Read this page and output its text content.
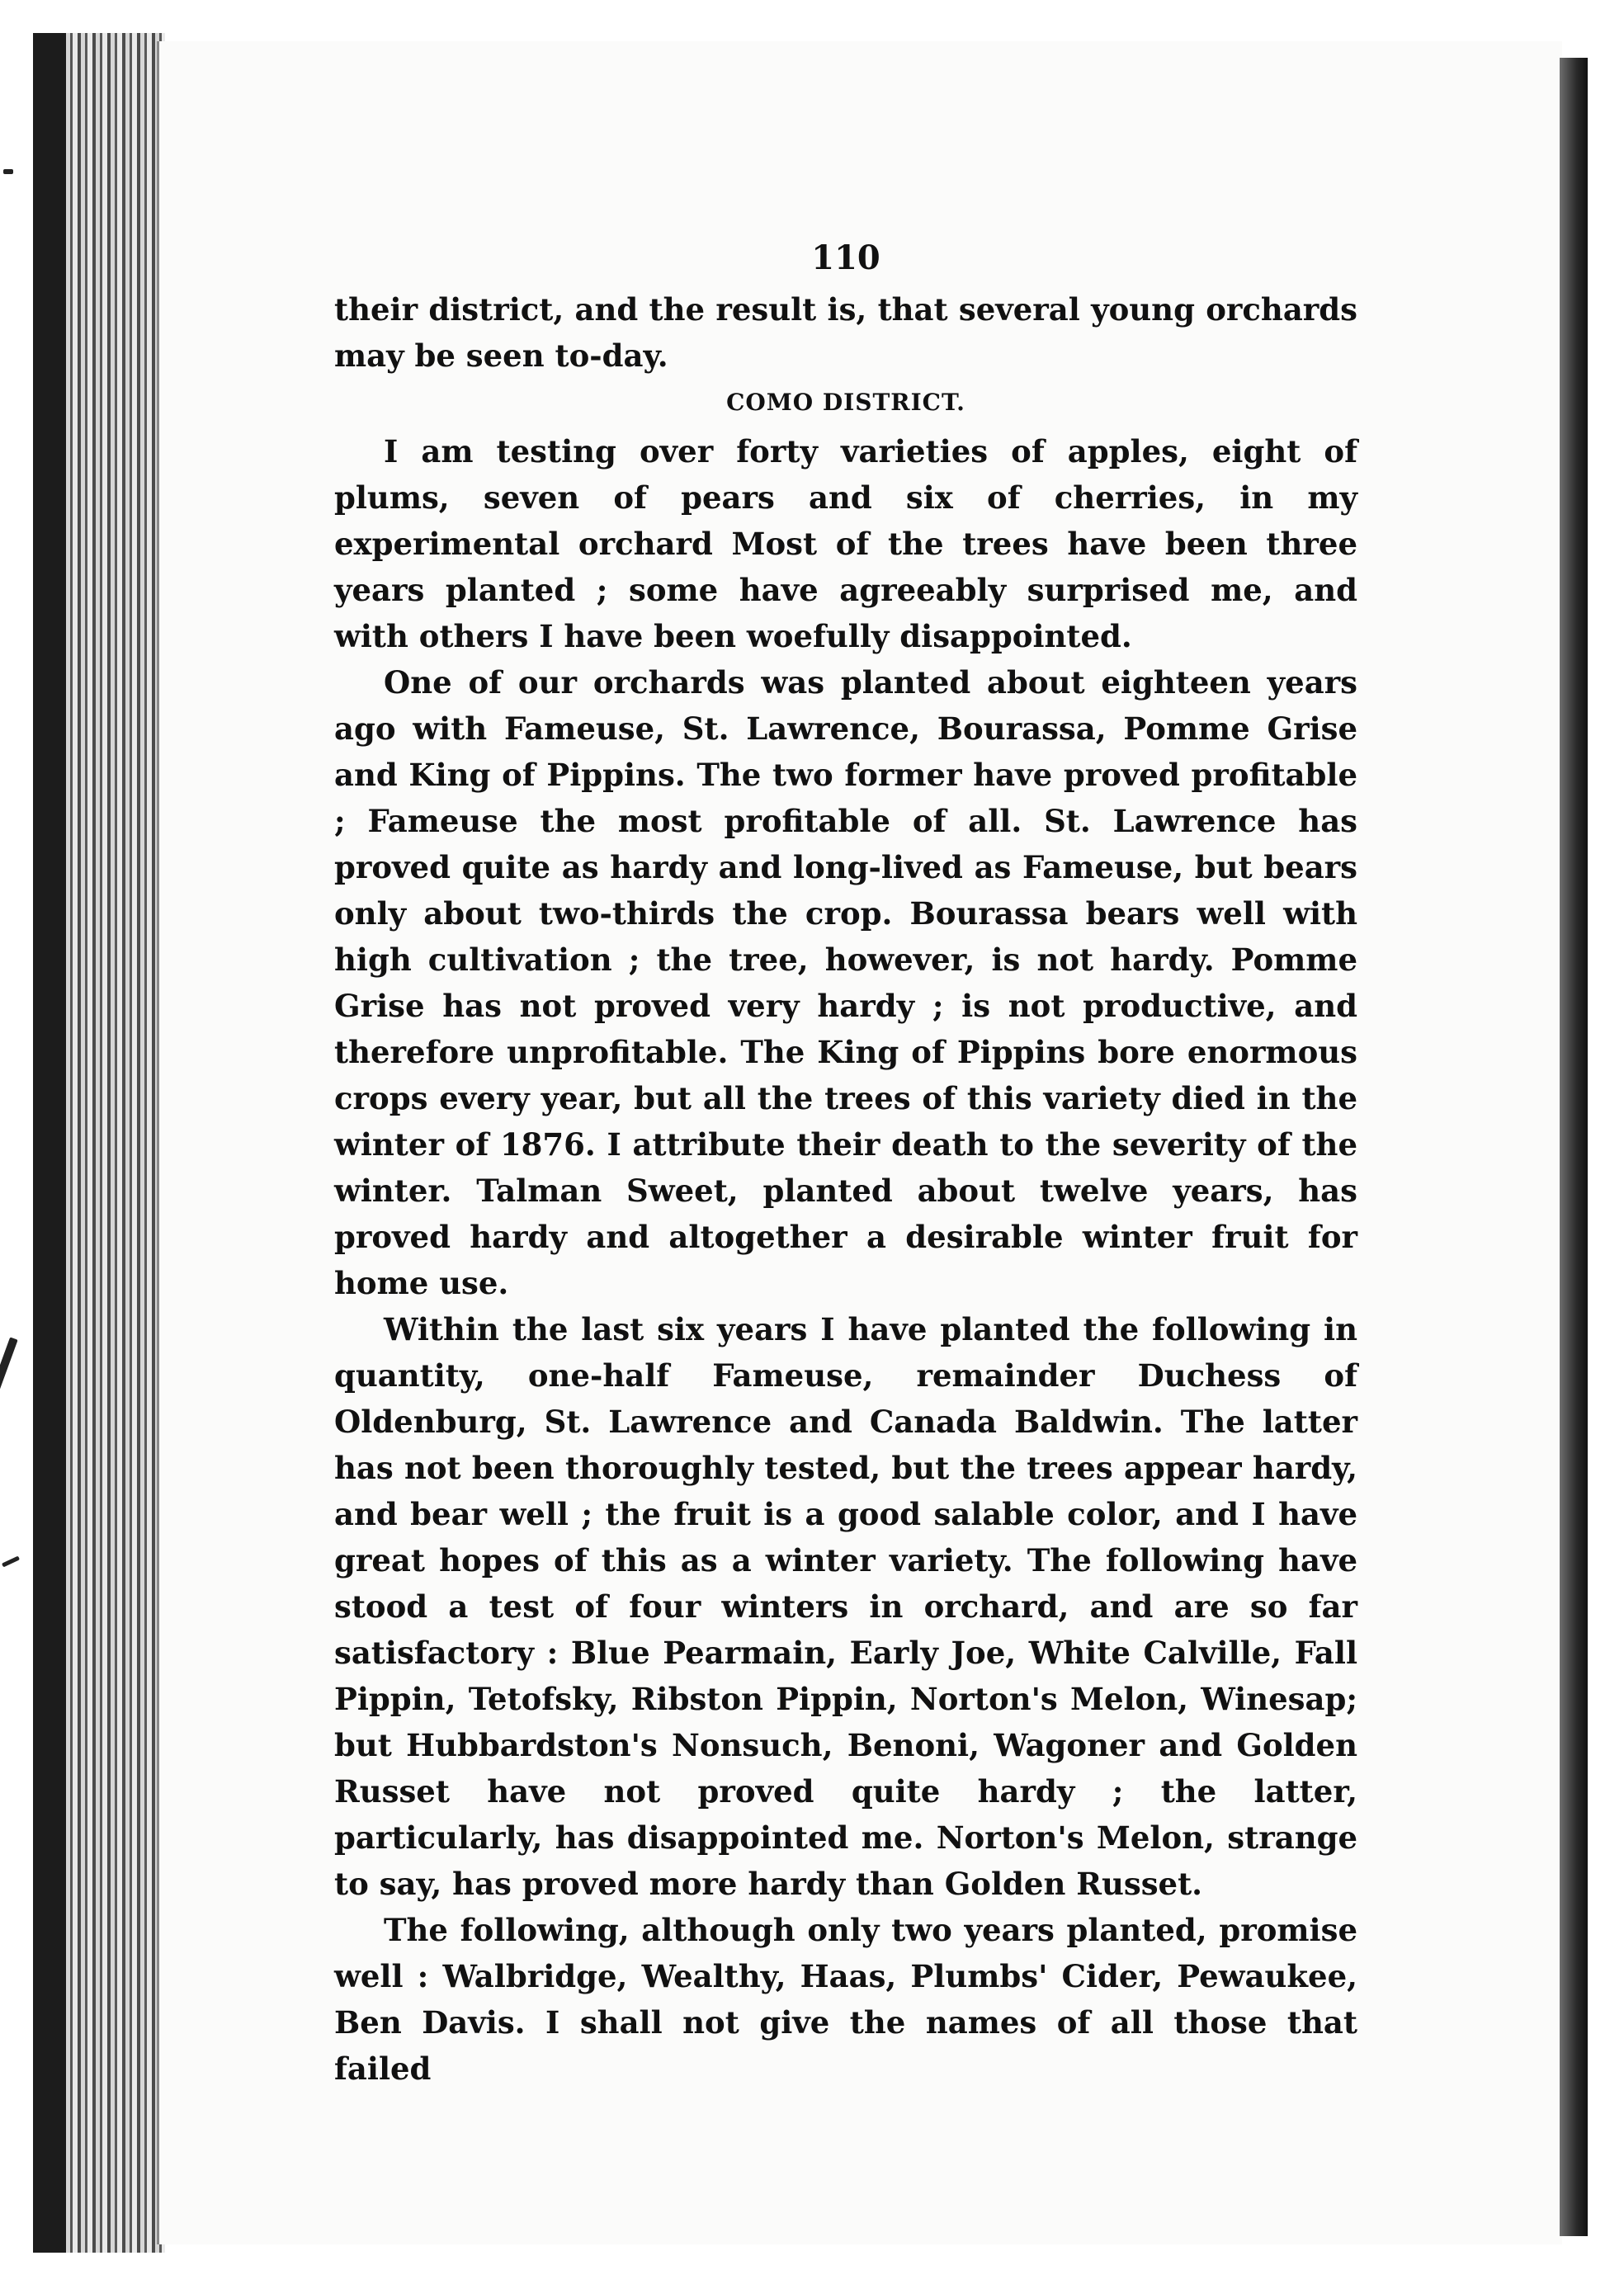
110

their district, and the result is, that several young orchards may be seen to-day.

COMO DISTRICT.

I am testing over forty varieties of apples, eight of plums, seven of pears and six of cherries, in my experimental orchard Most of the trees have been three years planted ; some have agreeably surprised me, and with others I have been woefully disappointed.

One of our orchards was planted about eighteen years ago with Fameuse, St. Lawrence, Bourassa, Pomme Grise and King of Pippins. The two former have proved profitable ; Fameuse the most profitable of all. St. Lawrence has proved quite as hardy and long-lived as Fameuse, but bears only about two-thirds the crop. Bourassa bears well with high cultivation ; the tree, however, is not hardy. Pomme Grise has not proved very hardy ; is not productive, and therefore unprofitable. The King of Pippins bore enormous crops every year, but all the trees of this variety died in the winter of 1876. I attribute their death to the severity of the winter. Talman Sweet, planted about twelve years, has proved hardy and altogether a desirable winter fruit for home use.

Within the last six years I have planted the following in quantity, one-half Fameuse, remainder Duchess of Oldenburg, St. Lawrence and Canada Baldwin. The latter has not been thoroughly tested, but the trees appear hardy, and bear well ; the fruit is a good salable color, and I have great hopes of this as a winter variety. The following have stood a test of four winters in orchard, and are so far satisfactory : Blue Pearmain, Early Joe, White Calville, Fall Pippin, Tetofsky, Ribston Pippin, Norton's Melon, Winesap; but Hubbardston's Nonsuch, Benoni, Wagoner and Golden Russet have not proved quite hardy ; the latter, particularly, has disappointed me. Norton's Melon, strange to say, has proved more hardy than Golden Russet.

The following, although only two years planted, promise well : Walbridge, Wealthy, Haas, Plumbs' Cider, Pewaukee, Ben Davis. I shall not give the names of all those that failed
